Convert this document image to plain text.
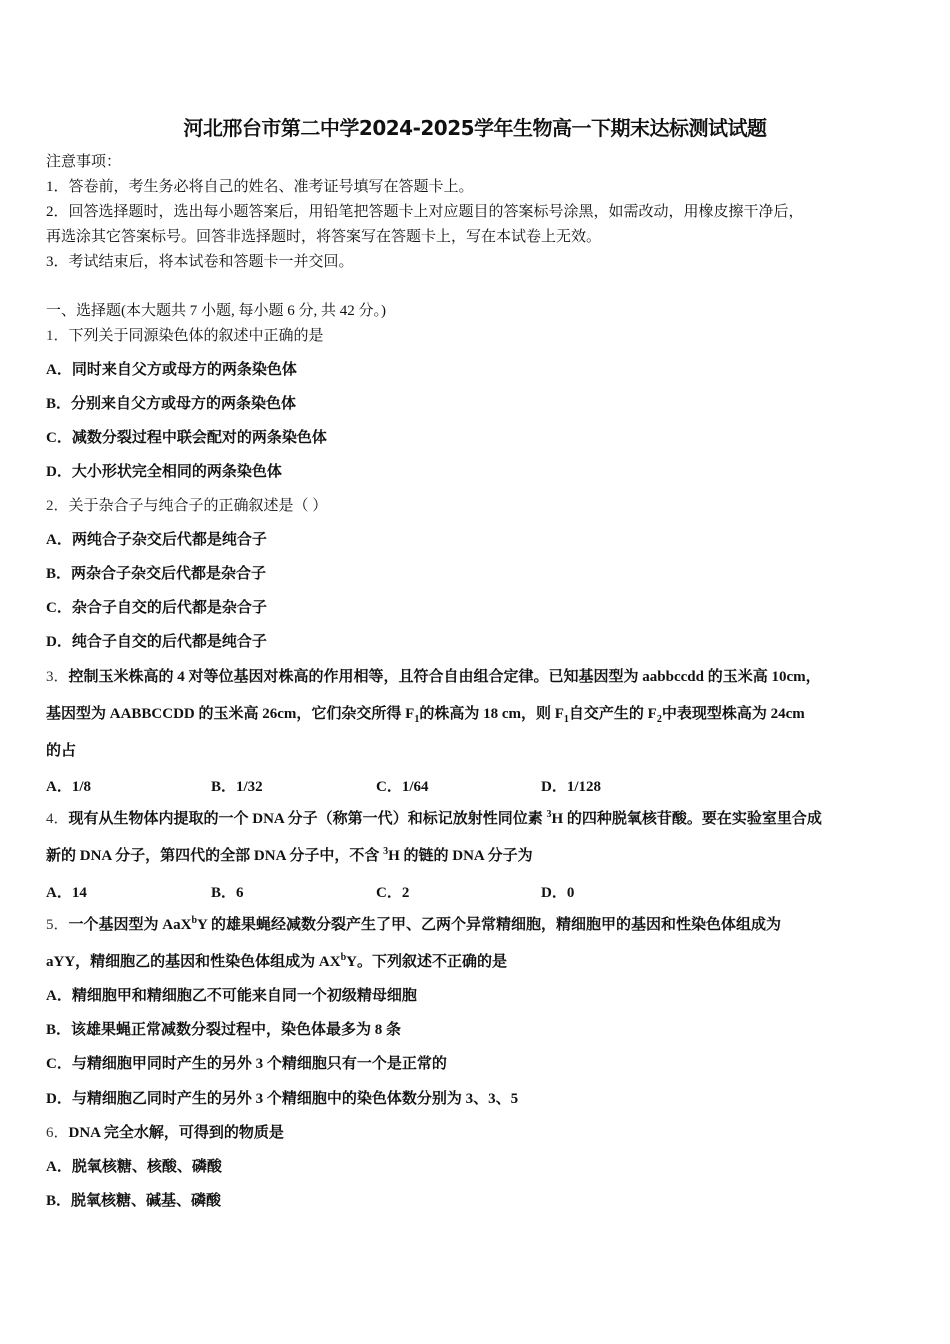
河北邢台市第二中学2024-2025学年生物高一下期末达标测试试题
注意事项：
1．答卷前，考生务必将自己的姓名、准考证号填写在答题卡上。
2．回答选择题时，选出每小题答案后，用铅笔把答题卡上对应题目的答案标号涂黑，如需改动，用橡皮擦干净后，
再选涂其它答案标号。回答非选择题时，将答案写在答题卡上，写在本试卷上无效。
3．考试结束后，将本试卷和答题卡一并交回。
一、选择题(本大题共 7 小题, 每小题 6 分, 共 42 分。)
1．下列关于同源染色体的叙述中正确的是
A．同时来自父方或母方的两条染色体
B．分别来自父方或母方的两条染色体
C．减数分裂过程中联会配对的两条染色体
D．大小形状完全相同的两条染色体
2．关于杂合子与纯合子的正确叙述是（ ）
A．两纯合子杂交后代都是纯合子
B．两杂合子杂交后代都是杂合子
C．杂合子自交的后代都是杂合子
D．纯合子自交的后代都是纯合子
3．控制玉米株高的 4 对等位基因对株高的作用相等，且符合自由组合定律。已知基因型为 aabbccdd 的玉米高 10cm，
基因型为 AABBCCDD 的玉米高 26cm，它们杂交所得 $F_1$的株高为 18 cm，则 $F_1$自交产生的 $F_2$中表现型株高为 24cm
的占
A．1/8	B．1/32	C．1/64	D．1/128
4．现有从生物体内提取的一个 DNA 分子（称第一代）和标记放射性同位素 $^3$H 的四种脱氧核苷酸。要在实验室里合成
新的 DNA 分子，第四代的全部 DNA 分子中，不含 $^3$H 的链的 DNA 分子为
A．14	B．6	C．2	D．0
5．一个基因型为 AaX$^b$Y 的雄果蝇经减数分裂产生了甲、乙两个异常精细胞，精细胞甲的基因和性染色体组成为
aYY，精细胞乙的基因和性染色体组成为 $AX^bY$。下列叙述不正确的是
A．精细胞甲和精细胞乙不可能来自同一个初级精母细胞
B．该雄果蝇正常减数分裂过程中，染色体最多为 8 条
C．与精细胞甲同时产生的另外 3 个精细胞只有一个是正常的
D．与精细胞乙同时产生的另外 3 个精细胞中的染色体数分别为 3、3、5
6．DNA 完全水解，可得到的物质是
A．脱氧核糖、核酸、磷酸
B．脱氧核糖、碱基、磷酸
